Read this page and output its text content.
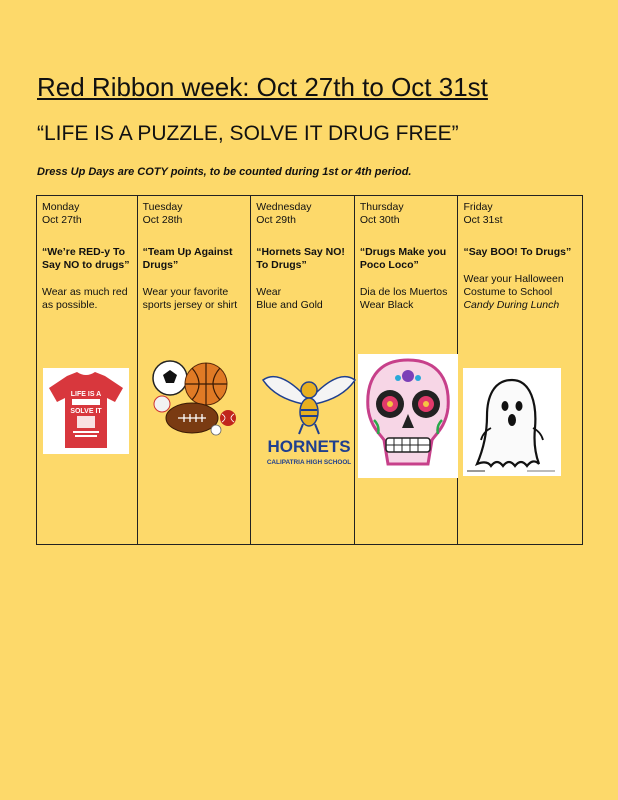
Red Ribbon week: Oct 27th to Oct 31st
“LIFE IS A PUZZLE, SOLVE IT DRUG FREE”
Dress Up Days are COTY points, to be counted during 1st or 4th period.
Monday
Oct 27th
“We’re RED-y To Say NO to drugs”
Wear as much red as possible.
LIFE IS A
SOLVE IT
Tuesday
Oct 28th
“Team Up Against Drugs”
Wear your favorite sports jersey or shirt
Wednesday
Oct 29th
“Hornets Say NO! To Drugs”
Wear
Blue and Gold
HORNETS
CALIPATRIA HIGH SCHOOL
Thursday
Oct 30th
“Drugs Make you Poco Loco”
Dia de los Muertos
Wear Black
Friday
Oct 31st
“Say BOO! To Drugs”
Wear your Halloween Costume to School
Candy During Lunch
